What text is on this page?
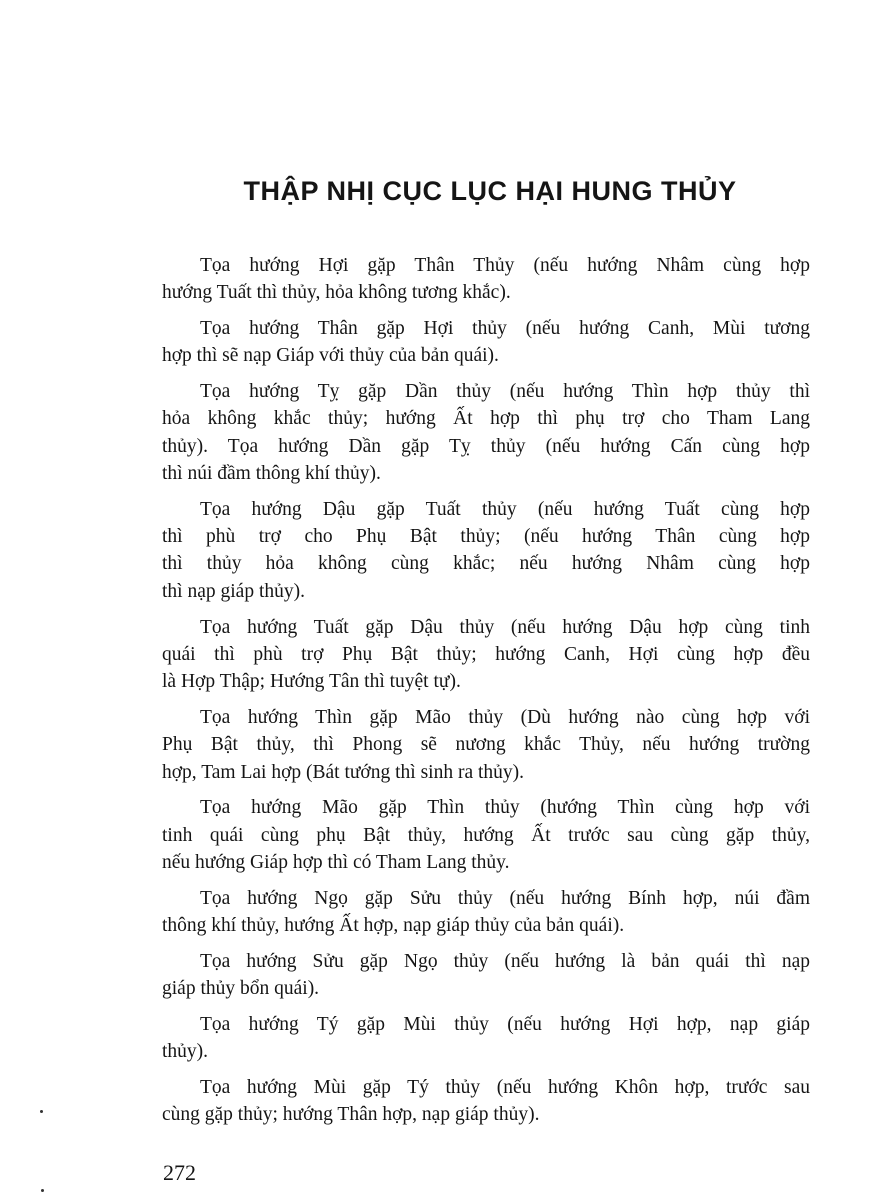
THẬP NHỊ CỤC LỤC HẠI HUNG THỦY
Tọa hướng Hợi gặp Thân Thủy (nếu hướng Nhâm cùng hợp
hướng Tuất thì thủy, hỏa không tương khắc).
Tọa hướng Thân gặp Hợi thủy (nếu hướng Canh, Mùi tương
hợp thì sẽ nạp Giáp với thủy của bản quái).
Tọa hướng Tỵ gặp Dần thủy (nếu hướng Thìn hợp thủy thì
hỏa không khắc thủy; hướng Ất hợp thì phụ trợ cho Tham Lang
thủy). Tọa hướng Dần gặp Tỵ thủy (nếu hướng Cấn cùng hợp
thì núi đầm thông khí thủy).
Tọa hướng Dậu gặp Tuất thủy (nếu hướng Tuất cùng hợp
thì phù trợ cho Phụ Bật thủy; (nếu hướng Thân cùng hợp
thì thủy hỏa không cùng khắc; nếu hướng Nhâm cùng hợp
thì nạp giáp thủy).
Tọa hướng Tuất gặp Dậu thủy (nếu hướng Dậu hợp cùng tinh
quái thì phù trợ Phụ Bật thủy; hướng Canh, Hợi cùng hợp đều
là Hợp Thập; Hướng Tân thì tuyệt tự).
Tọa hướng Thìn gặp Mão thủy (Dù hướng nào cùng hợp với
Phụ Bật thủy, thì Phong sẽ nương khắc Thủy, nếu hướng trường
hợp, Tam Lai hợp (Bát tướng thì sinh ra thủy).
Tọa hướng Mão gặp Thìn thủy (hướng Thìn cùng hợp với
tinh quái cùng phụ Bật thủy, hướng Ất trước sau cùng gặp thủy,
nếu hướng Giáp hợp thì có Tham Lang thủy.
Tọa hướng Ngọ gặp Sửu thủy (nếu hướng Bính hợp, núi đầm
thông khí thủy, hướng Ất hợp, nạp giáp thủy của bản quái).
Tọa hướng Sửu gặp Ngọ thủy (nếu hướng là bản quái thì nạp
giáp thủy bổn quái).
Tọa hướng Tý gặp Mùi thủy (nếu hướng Hợi hợp, nạp giáp
thủy).
Tọa hướng Mùi gặp Tý thủy (nếu hướng Khôn hợp, trước sau
cùng gặp thủy; hướng Thân hợp, nạp giáp thủy).
272
